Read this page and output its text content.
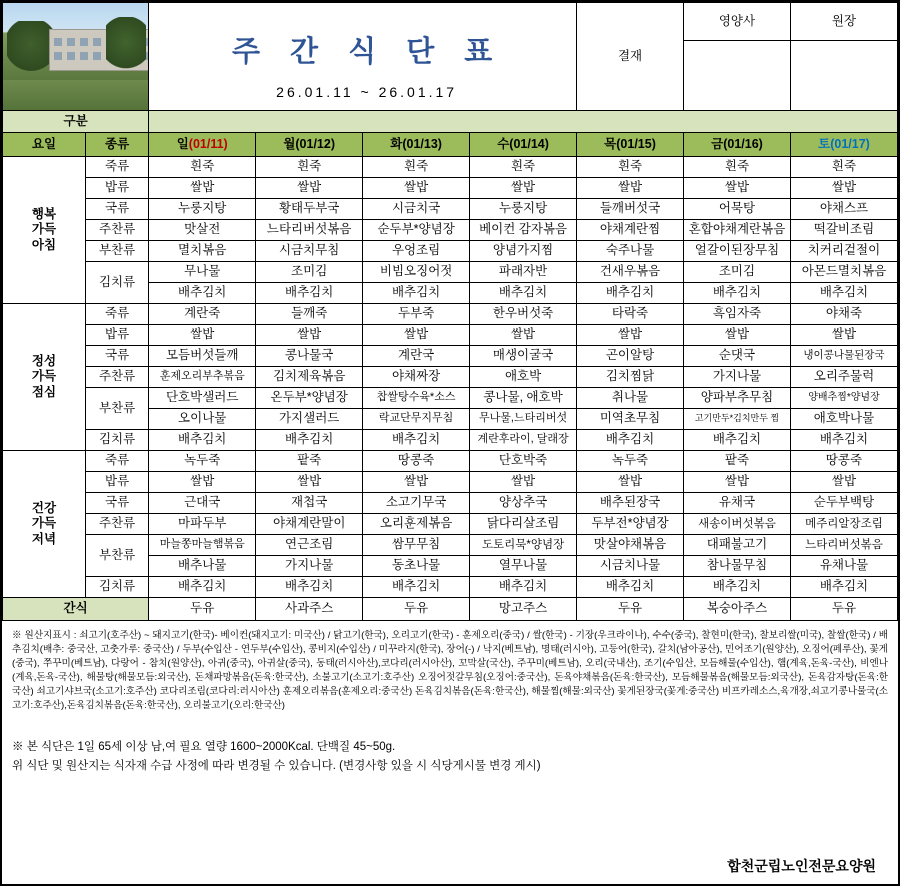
		주 간 식 단 표
26.01.11 ~ 26.01.17				결재	영양사	원장

구분								
요일	종류	일(01/11)	월(01/12)	화(01/13)	수(01/14)	목(01/15)	금(01/16)	토(01/17)
행복
가득
아침	죽류	흰죽	흰죽	흰죽	흰죽	흰죽	흰죽	흰죽
	밥류	쌀밥	쌀밥	쌀밥	쌀밥	쌀밥	쌀밥	쌀밥
	국류	누룽지탕	황태두부국	시금치국	누룽지탕	들깨버섯국	어묵탕	야채스프
	주찬류	맛살전	느타리버섯볶음	순두부*양념장	베이컨 감자볶음	야채계란찜	혼합야채계란볶음	떡갈비조림
	부찬류	멸치볶음	시금치무침	우엉조림	양념가지찜	숙주나물	얼갈이된장무침	치커리겉절이
	김치류	무나물	조미김	비빔오징어젓	파래자반	건새우볶음	조미김	아몬드멸치볶음
		배추김치	배추김치	배추김치	배추김치	배추김치	배추김치	배추김치
정성
가득
점심	죽류	계란죽	들깨죽	두부죽	한우버섯죽	타락죽	흑임자죽	야채죽
	밥류	쌀밥	쌀밥	쌀밥	쌀밥	쌀밥	쌀밥	쌀밥
	국류	모듬버섯들깨	콩나물국	계란국	매생이굴국	곤이알탕	순댓국	냉이콩나물된장국
	주찬류	훈제오리부추볶음	김치제육볶음	야채짜장	애호박	김치찜닭	가지나물	오리주물럭
	부찬류	단호박샐러드	온두부*양념장	찹쌀탕수육*소스	콩나물, 애호박	취나물	양파부추무침	양배추찜*양념장
		오이나물	가지샐러드	락교단무지무침	무나물,느타리버섯	미역초무침	고기만두*김치만두 찜	애호박나물
	김치류	배추김치	배추김치	배추김치	계란후라이, 달래장	배추김치	배추김치	배추김치
건강
가득
저녁	죽류	녹두죽	팥죽	땅콩죽	단호박죽	녹두죽	팥죽	땅콩죽
	밥류	쌀밥	쌀밥	쌀밥	쌀밥	쌀밥	쌀밥	쌀밥
	국류	근대국	재첩국	소고기무국	양상추국	배추된장국	유채국	순두부백탕
	주찬류	마파두부	야채계란말이	오리훈제볶음	닭다리살조림	두부전*양념장	새송이버섯볶음	메주리알장조림
	부찬류	마늘쫑마늘햄볶음	연근조림	쌈무무침	도토리묵*양념장	맛살야채볶음	대패불고기	느타리버섯볶음
		배추나물	가지나물	동초나물	열무나물	시금치나물	참나물무침	유채나물
	김치류	배추김치	배추김치	배추김치	배추김치	배추김치	배추김치	배추김치
간식		두유	사과주스	두유	망고주스	두유	복숭아주스	두유
※ 원산지표시 : 쇠고기(호주산) ~ 돼지고기(한국)- 베이컨(돼지고기: 미국산) / 닭고기(한국), 오리고기(한국) - 훈제오리(중국) / 쌀(한국) - 기장(우크라이나), 수수(중국), 찰현미(한국), 찰보리쌀(미국), 찰쌀(한국) / 배추김치(배추: 중국산, 고춧가루: 중국산) / 두부(수입산 - 연두부(수입산), 콩비지(수입산) / 미꾸라지(한국), 장어(-) / 낙지(베트남), 명태(러시아), 고등어(한국), 갈치(남아공산), 민어조기(원양산), 오징어(페루산), 꽃게(중국), 쭈꾸미(베트남), 다랑어 - 참치(원양산), 아귀(중국), 아귀살(중국), 동태(러시아산),코다리(러시아산), 꼬막살(국산), 주꾸미(베트남), 오리(국내산), 조기(수입산, 모듬해물(수입산), 햄(계육,돈육-국산), 비엔나(계육,돈육-국산), 해물탕(해물모듬:외국산), 돈채파망볶음(돈육:한국산), 소불고기(소고기:호주산) 오징어젓갈무침(오징어:중국산), 돈육야채볶음(돈육:한국산), 모듬해물볶음(해물모듬:외국산), 돈육감자탕(돈육:한국산) 쇠고기샤브국(소고기:호주산) 코다리조림(코다리:러시아산) 훈제오리볶음(훈제오리:중국산) 돈육김치볶음(돈육:한국산), 해물찜(해물:외국산) 꽃게된장국(꽃게:중국산) 비프카레소스,육개장,쇠고기콩나물국(소고기:호주산),돈육김치볶음(돈육:한국산), 오리불고기(오리:한국산)
※ 본 식단은 1일 65세 이상 남,여 필요 열량 1600~2000Kcal. 단백질 45~50g.
위 식단 및 원산지는 식자재 수급 사정에 따라 변경될 수 있습니다. (변경사항 있을 시 식당게시물 변경 게시)
합천군립노인전문요양원
